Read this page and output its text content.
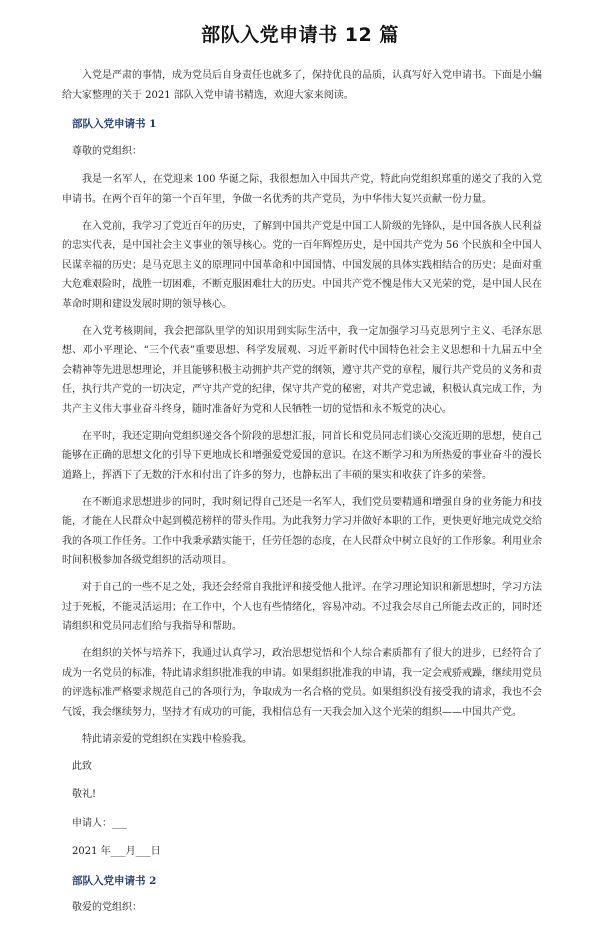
部队入党申请书 12 篇

入党是严肃的事情，成为党员后自身责任也就多了，保持优良的品质，认真写好入党申请书。下面是小编给大家整理的关于 2021 部队入党申请书精选，欢迎大家来阅读。

部队入党申请书 1

尊敬的党组织：

我是一名军人，在党迎来 100 华诞之际，我很想加入中国共产党，特此向党组织郑重的递交了我的入党申请书。在两个百年的第一个百年里，争做一名优秀的共产党员，为中华伟大复兴贡献一份力量。

在入党前，我学习了党近百年的历史，了解到中国共产党是中国工人阶级的先锋队，是中国各族人民利益的忠实代表，是中国社会主义事业的领导核心。党的一百年辉煌历史，是中国共产党为 56 个民族和全中国人民谋幸福的历史；是马克思主义的原理同中国革命和中国国情、中国发展的具体实践相结合的历史；是面对重大危难艰险时，战胜一切困难，不断克服困难壮大的历史。中国共产党不愧是伟大又光荣的党，是中国人民在革命时期和建设发展时期的领导核心。

在入党考核期间，我会把部队里学的知识用到实际生活中，我一定加强学习马克思列宁主义、毛泽东思想、邓小平理论、“三个代表”重要思想、科学发展观、习近平新时代中国特色社会主义思想和十九届五中全会精神等先进思想理论，并且能够积极主动拥护共产党的纲领，遵守共产党的章程，履行共产党员的义务和责任，执行共产党的一切决定，严守共产党的纪律，保守共产党的秘密，对共产党忠诚，积极认真完成工作，为共产主义伟大事业奋斗终身，随时准备好为党和人民牺牲一切的觉悟和永不叛党的决心。

在平时，我还定期向党组织递交各个阶段的思想汇报，同首长和党员同志们谈心交流近期的思想，使自己能够在正确的思想文化的引导下更地成长和增强爱党爱国的意识。在这不断学习和为所热爱的事业奋斗的漫长道路上，挥洒下了无数的汗水和付出了许多的努力，也静耘出了丰硕的果实和收获了许多的荣誉。

在不断追求思想进步的同时，我时刻记得自己还是一名军人，我们党员要精通和增强自身的业务能力和技能，才能在人民群众中起到模范榜样的带头作用。为此我努力学习并做好本职的工作，更快更好地完成党交给我的各项工作任务。工作中我秉承踏实能干，任劳任怨的态度，在人民群众中树立良好的工作形象。利用业余时间积极参加各级党组织的活动项目。

对于自己的一些不足之处，我还会经常自我批评和接受他人批评。在学习理论知识和新思想时，学习方法过于死板，不能灵活运用；在工作中，个人也有些情绪化，容易冲动。不过我会尽自己所能去改正的，同时还请组织和党员同志们给与我指导和帮助。

在组织的关怀与培养下，我通过认真学习，政治思想觉悟和个人综合素质都有了很大的进步，已经符合了成为一名党员的标准，特此请求组织批准我的申请。如果组织批准我的申请，我一定会戒骄戒躁，继续用党员的评选标准严格要求规范自己的各项行为，争取成为一名合格的党员。如果组织没有接受我的请求，我也不会气馁，我会继续努力，坚持才有成功的可能，我相信总有一天我会加入这个光荣的组织——中国共产党。

特此请亲爱的党组织在实践中检验我。

此致

敬礼!

申请人：___

2021 年___月___日

部队入党申请书 2

敬爱的党组织：
